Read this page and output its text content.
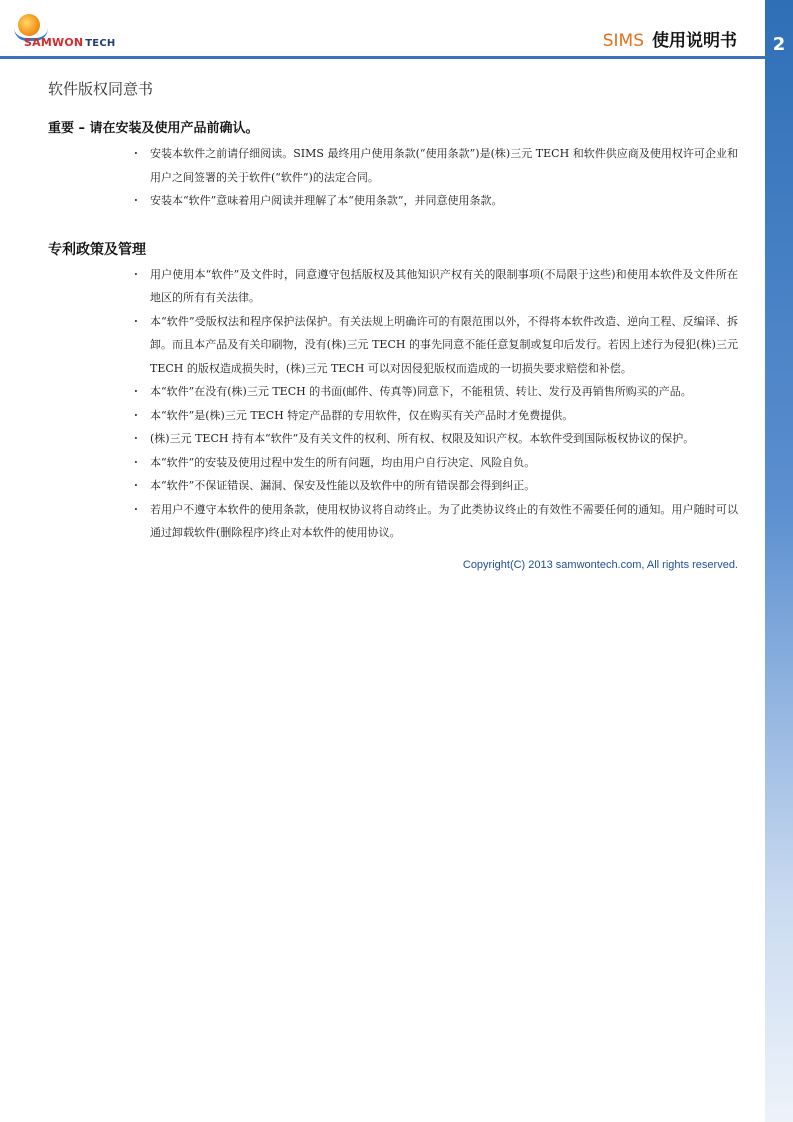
2
SAMWON TECH	SIMS 使用说明书
软件版权同意书
重要 – 请在安装及使用产品前确认。
· 安装本软件之前请仔细阅读。SIMS 最终用户使用条款(“使用条款”)是(株)三元 TECH 和软件供应商及使用权许可企业和用户之间签署的关于软件(“软件”)的法定合同。
· 安装本“软件”意味着用户阅读并理解了本“使用条款”，并同意使用条款。
专利政策及管理
· 用户使用本“软件”及文件时，同意遵守包括版权及其他知识产权有关的限制事项(不局限于这些)和使用本软件及文件所在地区的所有有关法律。
· 本“软件”受版权法和程序保护法保护。有关法规上明确许可的有限范围以外，不得将本软件改造、逆向工程、反编译、拆卸。而且本产品及有关印刷物，没有(株)三元 TECH 的事先同意不能任意复制或复印后发行。若因上述行为侵犯(株)三元 TECH 的版权造成损失时，(株)三元 TECH 可以对因侵犯版权而造成的一切损失要求赔偿和补偿。
· 本“软件”在没有(株)三元 TECH 的书面(邮件、传真等)同意下，不能租赁、转让、发行及再销售所购买的产品。
· 本“软件”是(株)三元 TECH 特定产品群的专用软件，仅在购买有关产品时才免费提供。
· (株)三元 TECH 持有本“软件”及有关文件的权利、所有权、权限及知识产权。本软件受到国际板权协议的保护。
· 本“软件”的安装及使用过程中发生的所有问题，均由用户自行决定、风险自负。
· 本“软件”不保证错误、漏洞、保安及性能以及软件中的所有错误都会得到纠正。
· 若用户不遵守本软件的使用条款，使用权协议将自动终止。为了此类协议终止的有效性不需要任何的通知。用户随时可以通过卸载软件(删除程序)终止对本软件的使用协议。
Copyright(C) 2013 samwontech.com, All rights reserved.
